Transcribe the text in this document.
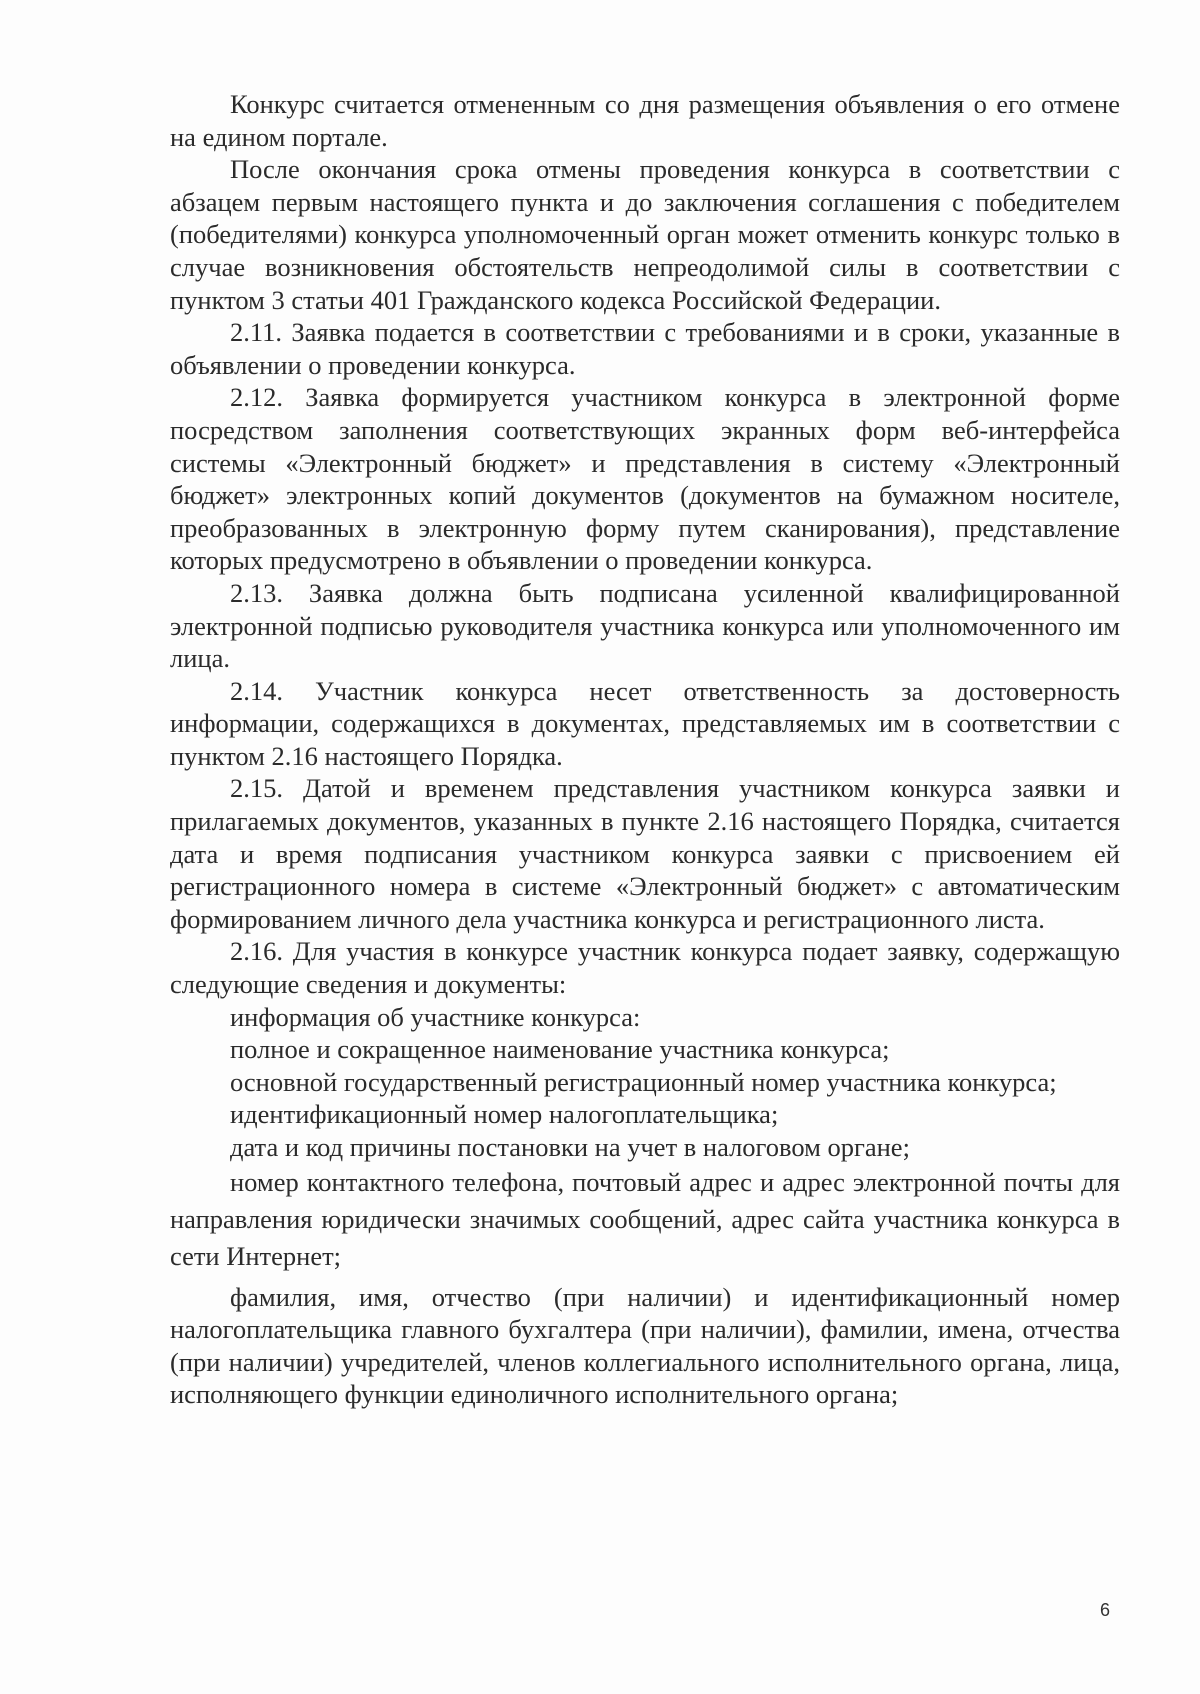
Конкурс считается отмененным со дня размещения объявления о его отмене на едином портале.

После окончания срока отмены проведения конкурса в соответствии с абзацем первым настоящего пункта и до заключения соглашения с победителем (победителями) конкурса уполномоченный орган может отменить конкурс только в случае возникновения обстоятельств непреодолимой силы в соответствии с пунктом 3 статьи 401 Гражданского кодекса Российской Федерации.

2.11. Заявка подается в соответствии с требованиями и в сроки, указанные в объявлении о проведении конкурса.

2.12. Заявка формируется участником конкурса в электронной форме посредством заполнения соответствующих экранных форм веб-интерфейса системы «Электронный бюджет» и представления в систему «Электронный бюджет» электронных копий документов (документов на бумажном носителе, преобразованных в электронную форму путем сканирования), представление которых предусмотрено в объявлении о проведении конкурса.

2.13. Заявка должна быть подписана усиленной квалифицированной электронной подписью руководителя участника конкурса или уполномоченного им лица.

2.14. Участник конкурса несет ответственность за достоверность информации, содержащихся в документах, представляемых им в соответствии с пунктом 2.16 настоящего Порядка.

2.15. Датой и временем представления участником конкурса заявки и прилагаемых документов, указанных в пункте 2.16 настоящего Порядка, считается дата и время подписания участником конкурса заявки с присвоением ей регистрационного номера в системе «Электронный бюджет» с автоматическим формированием личного дела участника конкурса и регистрационного листа.

2.16. Для участия в конкурсе участник конкурса подает заявку, содержащую следующие сведения и документы:

информация об участнике конкурса:

полное и сокращенное наименование участника конкурса;

основной государственный регистрационный номер участника конкурса;

идентификационный номер налогоплательщика;

дата и код причины постановки на учет в налоговом органе;

номер контактного телефона, почтовый адрес и адрес электронной почты для направления юридически значимых сообщений, адрес сайта участника конкурса в сети Интернет;

фамилия, имя, отчество (при наличии) и идентификационный номер налогоплательщика главного бухгалтера (при наличии), фамилии, имена, отчества (при наличии) учредителей, членов коллегиального исполнительного органа, лица, исполняющего функции единоличного исполнительного органа;

6
